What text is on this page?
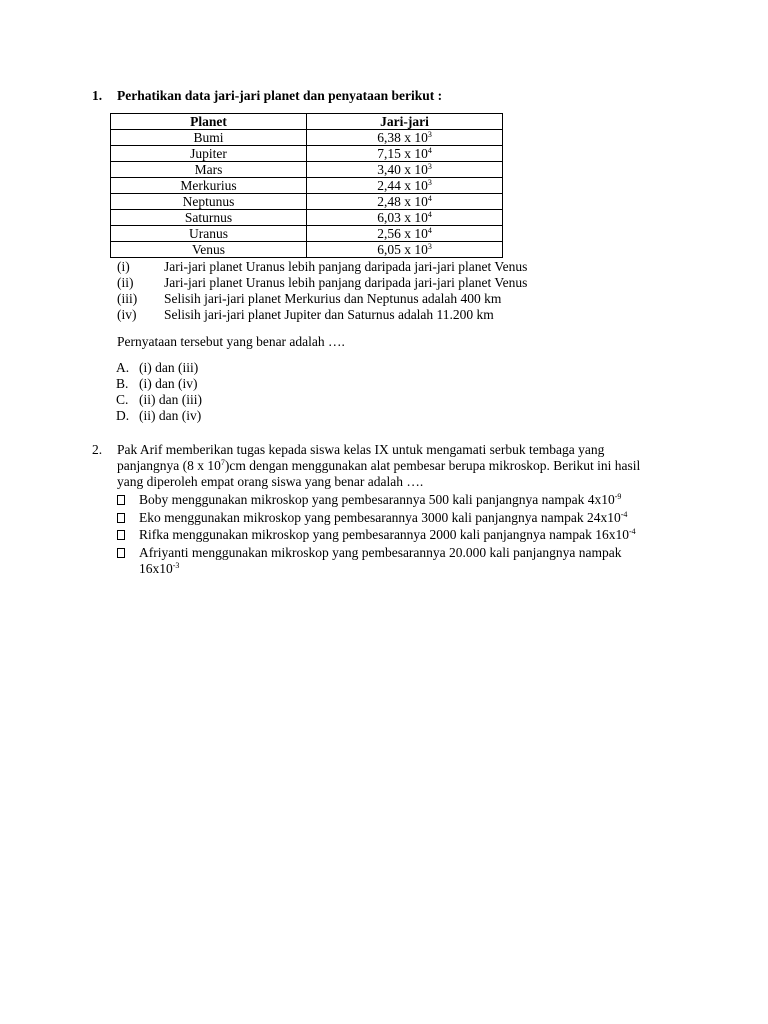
1. Perhatikan data jari-jari planet dan penyataan berikut :
Planet	Jari-jari
Bumi	6,38 x $10^3$
Jupiter	7,15 x $10^4$
Mars	3,40 x $10^3$
Merkurius	2,44 x $10^3$
Neptunus	2,48 x $10^4$
Saturnus	6,03 x $10^4$
Uranus	2,56 x $10^4$
Venus	6,05 x $10^3$
(i)	Jari-jari planet Uranus lebih panjang daripada jari-jari planet Venus
(ii) Jari-jari planet Uranus lebih panjang daripada jari-jari planet Venus
(iii) Selisih jari-jari planet Merkurius dan Neptunus adalah 400 km
(iv) Selisih jari-jari planet Jupiter dan Saturnus adalah 11.200 km
Pernyataan tersebut yang benar adalah ….
A. (i) dan (iii)
B. (i) dan (iv)
C. (ii) dan (iii)
D. (ii) dan (iv)
2. Pak Arif memberikan tugas kepada siswa kelas IX untuk mengamati serbuk tembaga yang
panjangnya (8 x $10^7)cm$ dengan menggunakan alat pembesar berupa mikroskop. Berikut ini hasil
yang diperoleh empat orang siswa yang benar adalah ….
Boby menggunakan mikroskop yang pembesarannya 500 kali panjangnya nampak $4x10^{-9}$
Eko menggunakan mikroskop yang pembesarannya 3000 kali panjangnya nampak $24x10^{-4}$
Rifka menggunakan mikroskop yang pembesarannya 2000 kali panjangnya nampak $16x10^{-4}$
Afriyanti menggunakan mikroskop yang pembesarannya 20.000 kali panjangnya nampak
$16x10^{-3}$
